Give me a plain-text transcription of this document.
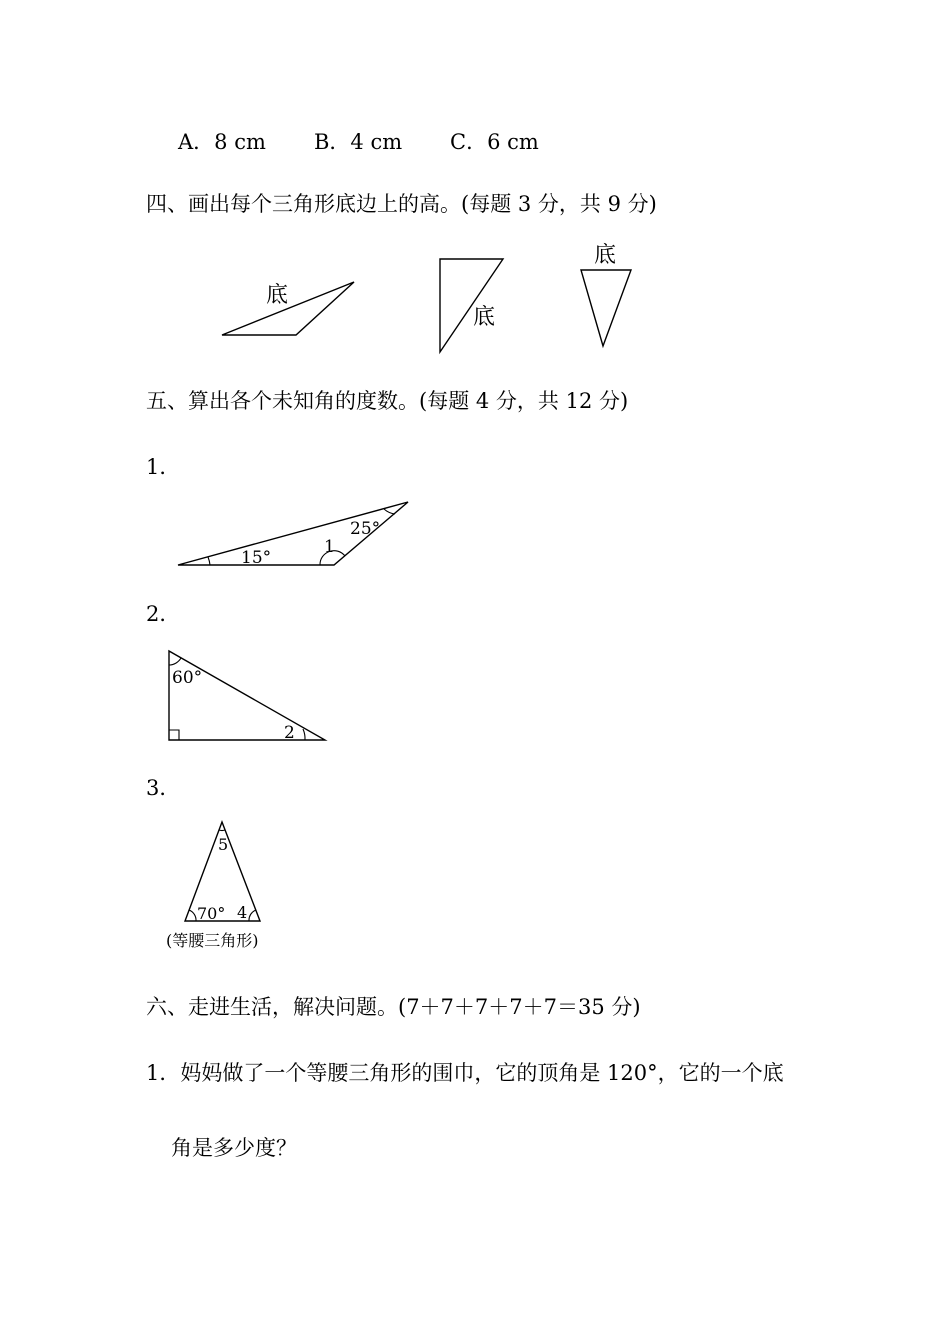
A．8 cm B．4 cm C．6 cm
四、画出每个三角形底边上的高。(每题 3 分，共 9 分)
五、算出各个未知角的度数。(每题 4 分，共 12 分)
1．
2．
3．
六、走进生活，解决问题。(7＋7＋7＋7＋7＝35 分)
1．妈妈做了一个等腰三角形的围巾，它的顶角是 120°，它的一个底
角是多少度？
底
底
底
15°
1
25°
60°
2
5
70° 4
(等腰三角形)
